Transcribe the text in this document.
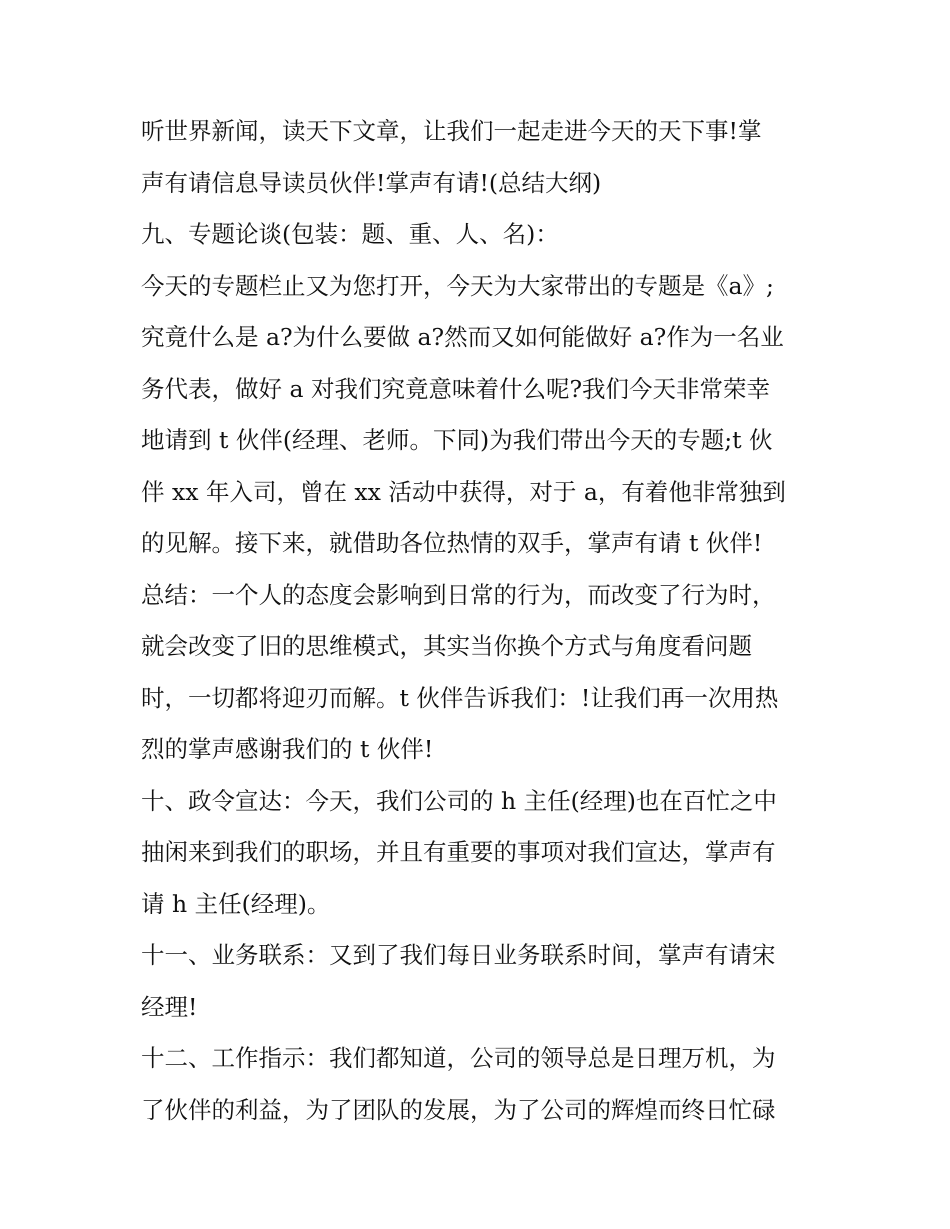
听世界新闻，读天下文章，让我们一起走进今天的天下事!掌
声有请信息导读员伙伴!掌声有请!(总结大纲)
九、专题论谈(包装：题、重、人、名)：
今天的专题栏止又为您打开，今天为大家带出的专题是《a》;
究竟什么是 a?为什么要做 a?然而又如何能做好 a?作为一名业
务代表，做好 a 对我们究竟意味着什么呢?我们今天非常荣幸
地请到 t 伙伴(经理、老师。下同)为我们带出今天的专题;t 伙
伴 xx 年入司，曾在 xx 活动中获得，对于 a，有着他非常独到
的见解。接下来，就借助各位热情的双手，掌声有请 t 伙伴!
总结：一个人的态度会影响到日常的行为，而改变了行为时，
就会改变了旧的思维模式，其实当你换个方式与角度看问题
时，一切都将迎刃而解。t 伙伴告诉我们：!让我们再一次用热
烈的掌声感谢我们的 t 伙伴!
十、政令宣达：今天，我们公司的 h 主任(经理)也在百忙之中
抽闲来到我们的职场，并且有重要的事项对我们宣达，掌声有
请 h 主任(经理)。
十一、业务联系：又到了我们每日业务联系时间，掌声有请宋
经理!
十二、工作指示：我们都知道，公司的领导总是日理万机，为
了伙伴的利益，为了团队的发展，为了公司的辉煌而终日忙碌
